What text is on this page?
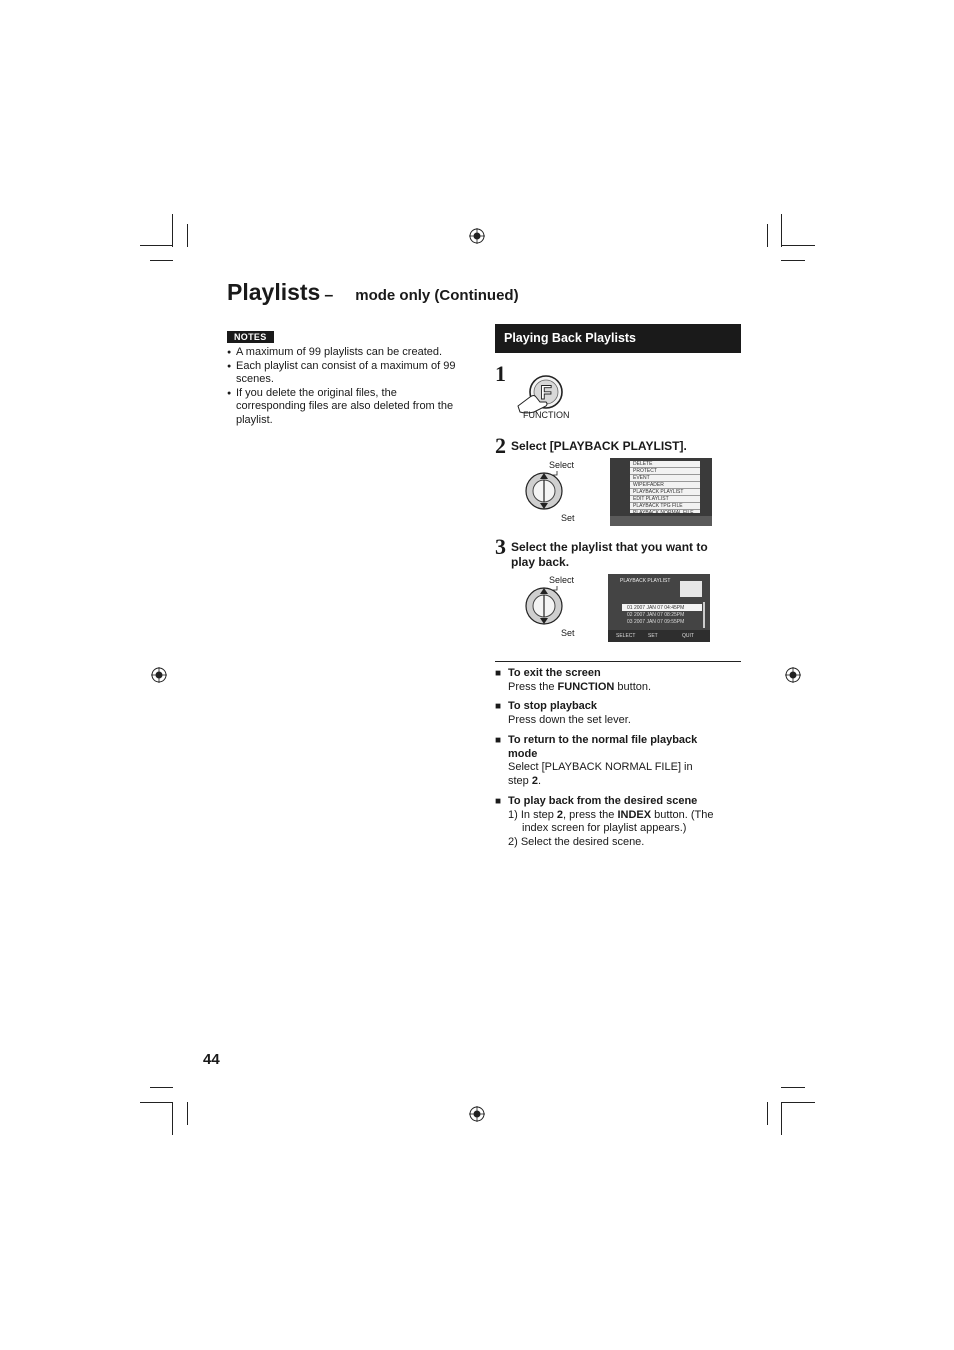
Playlists – mode only (Continued)
NOTES
● A maximum of 99 playlists can be created.
● Each playlist can consist of a maximum of 99 scenes.
● If you delete the original files, the corresponding files are also deleted from the playlist.
Playing Back Playlists
1
F
FUNCTION
2 Select [PLAYBACK PLAYLIST].
Select
Set
DELETE
PROTECT
EVENT
WIPE/FADER
PLAYBACK PLAYLIST
EDIT PLAYLIST
PLAYBACK TPG FILE
PLAYBACK NORMAL FILE
3 Select the playlist that you want to
play back.
Select
Set
PLAYBACK PLAYLIST
01 2007 JAN 07 04:45PM
02 2007 JAN 07 08:25PM
03 2007 JAN 07 09:55PM
SELECT	SET	QUIT
■ To exit the screen
Press the FUNCTION button.
■ To stop playback
Press down the set lever.
■ To return to the normal file playback
mode
Select [PLAYBACK NORMAL FILE] in
step 2.
■ To play back from the desired scene
1) In step 2, press the INDEX button. (The
index screen for playlist appears.)
2) Select the desired scene.
44
